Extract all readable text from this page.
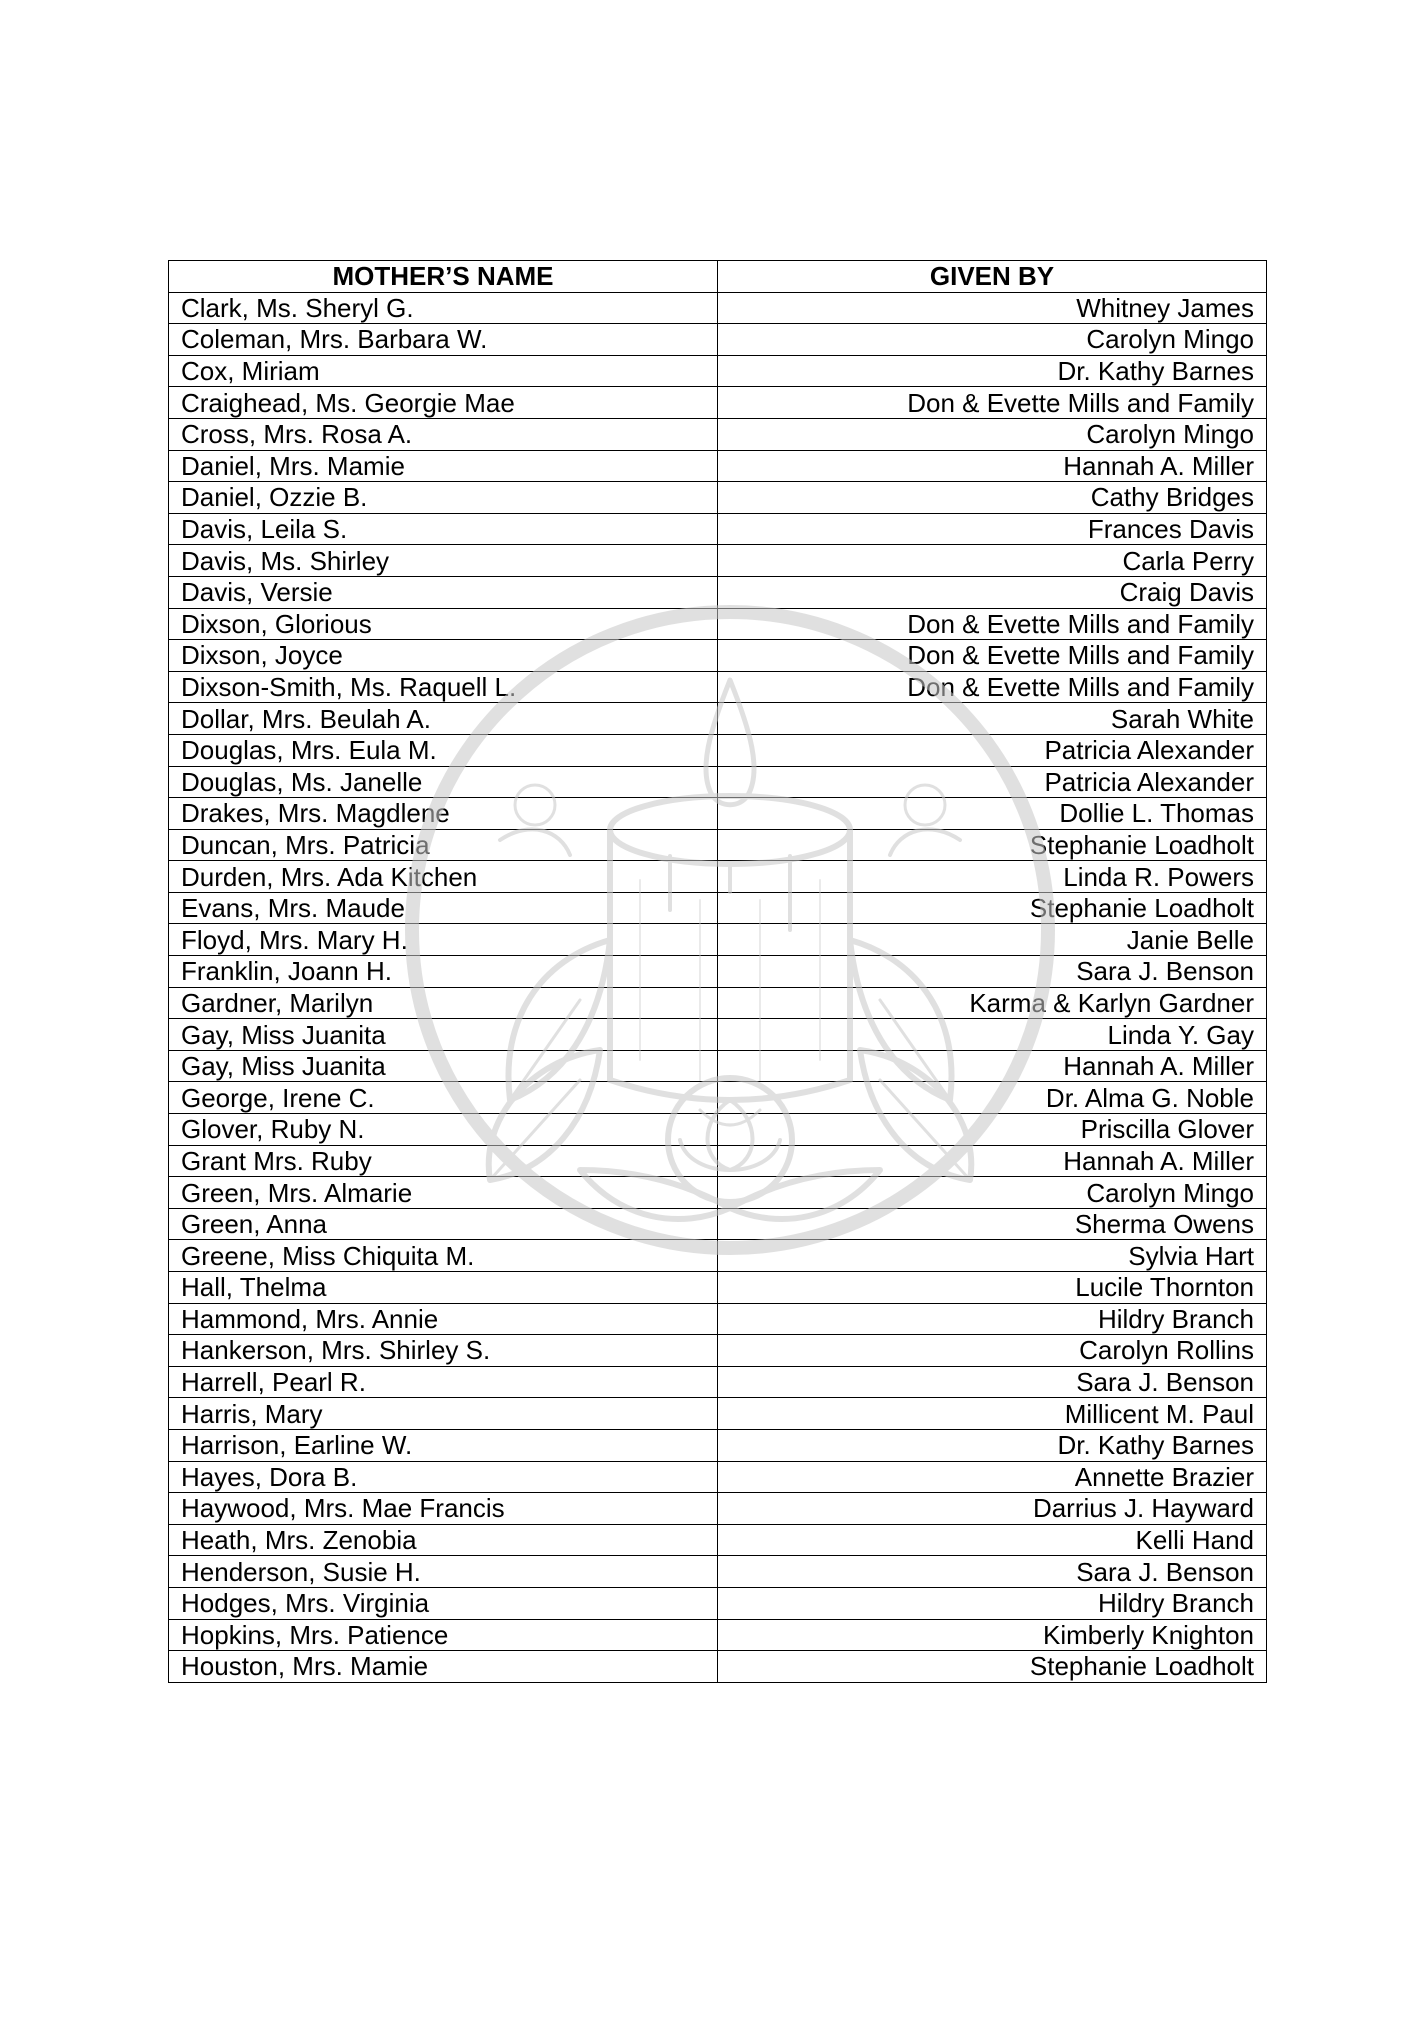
MOTHER’S NAME	GIVEN BY
Clark, Ms. Sheryl G.	Whitney James
Coleman, Mrs. Barbara W.	Carolyn Mingo
Cox, Miriam	Dr. Kathy Barnes
Craighead, Ms. Georgie Mae	Don & Evette Mills and Family
Cross, Mrs. Rosa A.	Carolyn Mingo
Daniel, Mrs. Mamie	Hannah A. Miller
Daniel, Ozzie B.	Cathy Bridges
Davis, Leila S.	Frances Davis
Davis, Ms. Shirley	Carla Perry
Davis, Versie	Craig Davis
Dixson, Glorious	Don & Evette Mills and Family
Dixson, Joyce	Don & Evette Mills and Family
Dixson-Smith, Ms. Raquell L.	Don & Evette Mills and Family
Dollar, Mrs. Beulah A.	Sarah White
Douglas, Mrs. Eula M.	Patricia Alexander
Douglas, Ms. Janelle	Patricia Alexander
Drakes, Mrs. Magdlene	Dollie L. Thomas
Duncan, Mrs. Patricia	Stephanie Loadholt
Durden, Mrs. Ada Kitchen	Linda R. Powers
Evans, Mrs. Maude	Stephanie Loadholt
Floyd, Mrs. Mary H.	Janie Belle
Franklin, Joann H.	Sara J. Benson
Gardner, Marilyn	Karma & Karlyn Gardner
Gay, Miss Juanita	Linda Y. Gay
Gay, Miss Juanita	Hannah A. Miller
George, Irene C.	Dr. Alma G. Noble
Glover, Ruby N.	Priscilla Glover
Grant Mrs. Ruby	Hannah A. Miller
Green, Mrs. Almarie	Carolyn Mingo
Green, Anna	Sherma Owens
Greene, Miss Chiquita M.	Sylvia Hart
Hall, Thelma	Lucile Thornton
Hammond, Mrs. Annie	Hildry Branch
Hankerson, Mrs. Shirley S.	Carolyn Rollins
Harrell, Pearl R.	Sara J. Benson
Harris, Mary	Millicent M. Paul
Harrison, Earline W.	Dr. Kathy Barnes
Hayes, Dora B.	Annette Brazier
Haywood, Mrs. Mae Francis	Darrius J. Hayward
Heath, Mrs. Zenobia	Kelli Hand
Henderson, Susie H.	Sara J. Benson
Hodges, Mrs. Virginia	Hildry Branch
Hopkins, Mrs. Patience	Kimberly Knighton
Houston, Mrs. Mamie	Stephanie Loadholt
